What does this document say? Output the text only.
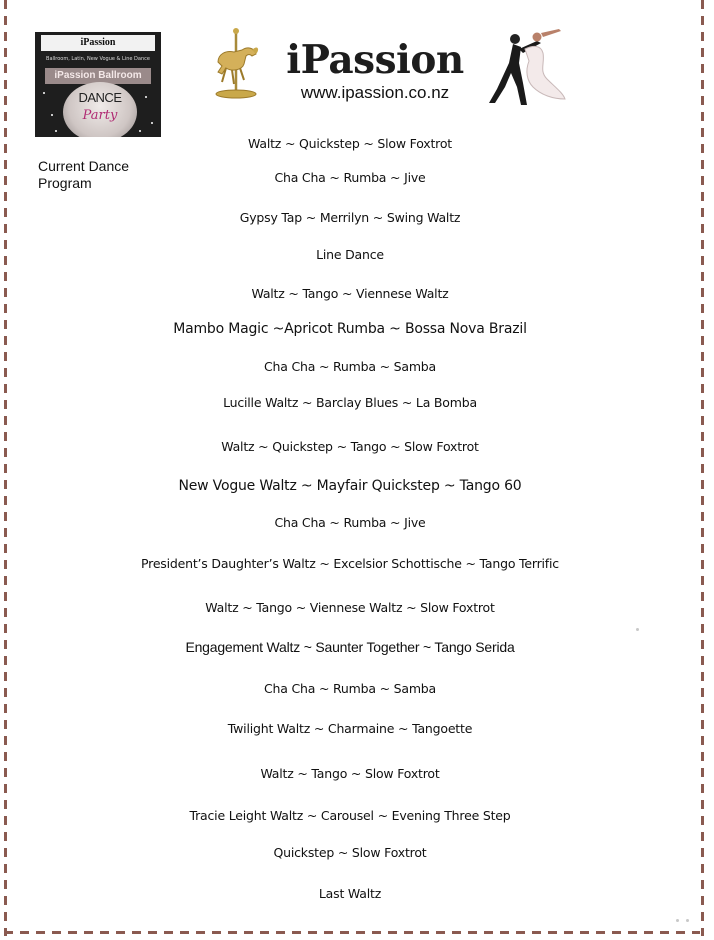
iPassion
Ballroom, Latin, New Vogue & Line Dance
iPassion Ballroom
DANCE
Party
Current Dance Program
iPassion
www.ipassion.co.nz
Waltz ~ Quickstep ~ Slow Foxtrot
Cha Cha ~ Rumba ~ Jive
Gypsy Tap ~ Merrilyn ~ Swing Waltz
Line Dance
Waltz ~ Tango ~ Viennese Waltz
Mambo Magic ~Apricot Rumba ~ Bossa Nova Brazil
Cha Cha ~ Rumba ~ Samba
Lucille Waltz ~ Barclay Blues ~ La Bomba
Waltz ~ Quickstep ~ Tango ~ Slow Foxtrot
New Vogue Waltz ~ Mayfair Quickstep ~ Tango 60
Cha Cha ~ Rumba ~ Jive
President’s Daughter’s Waltz ~ Excelsior Schottische ~ Tango Terrific
Waltz ~ Tango ~ Viennese Waltz ~ Slow Foxtrot
Engagement Waltz ~ Saunter Together ~ Tango Serida
Cha Cha ~ Rumba ~ Samba
Twilight Waltz ~ Charmaine ~ Tangoette
Waltz ~ Tango ~ Slow Foxtrot
Tracie Leight Waltz ~ Carousel ~ Evening Three Step
Quickstep ~ Slow Foxtrot
Last Waltz
